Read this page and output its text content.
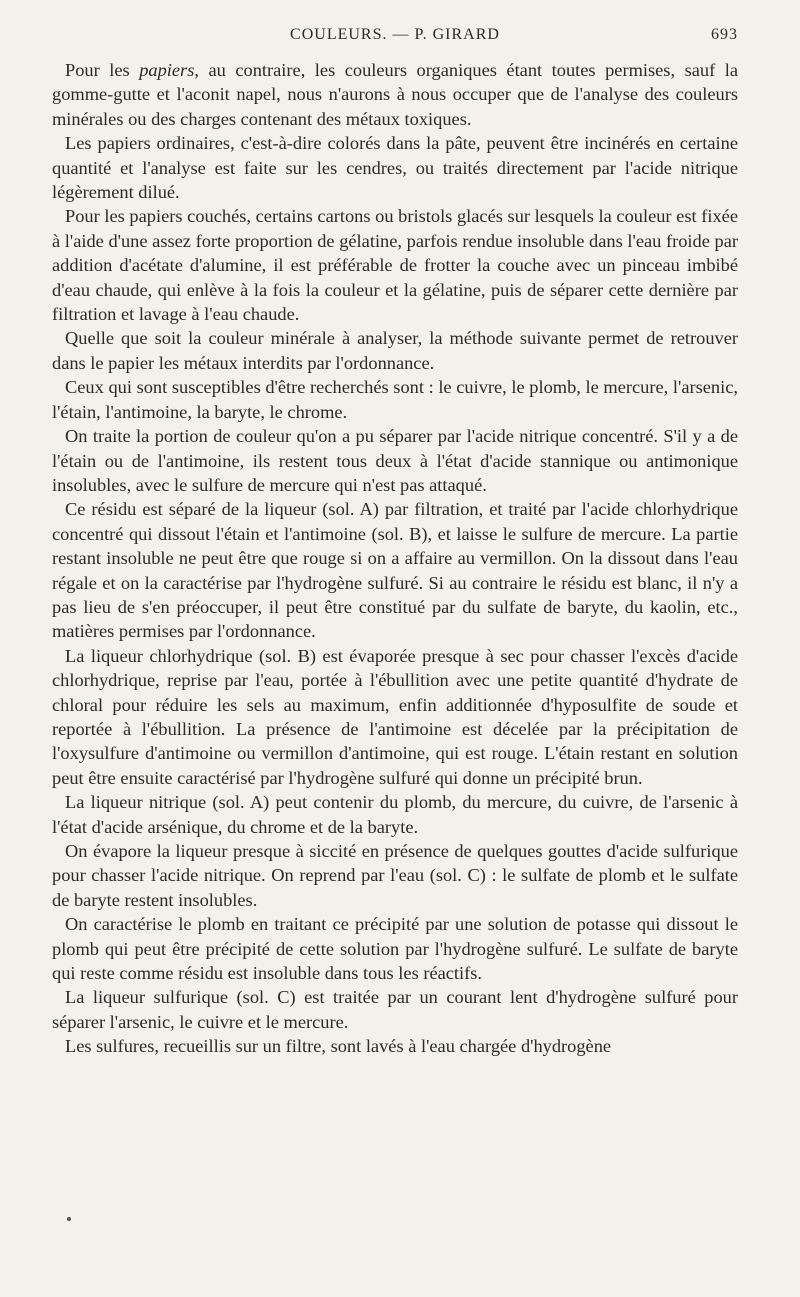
COULEURS. — P. GIRARD	693

Pour les papiers, au contraire, les couleurs organiques étant toutes permises, sauf la gomme-gutte et l'aconit napel, nous n'aurons à nous occuper que de l'analyse des couleurs minérales ou des charges contenant des métaux toxiques.

Les papiers ordinaires, c'est-à-dire colorés dans la pâte, peuvent être incinérés en certaine quantité et l'analyse est faite sur les cendres, ou traités directement par l'acide nitrique légèrement dilué.

Pour les papiers couchés, certains cartons ou bristols glacés sur lesquels la couleur est fixée à l'aide d'une assez forte proportion de gélatine, parfois rendue insoluble dans l'eau froide par addition d'acétate d'alumine, il est préférable de frotter la couche avec un pinceau imbibé d'eau chaude, qui enlève à la fois la couleur et la gélatine, puis de séparer cette dernière par filtration et lavage à l'eau chaude.

Quelle que soit la couleur minérale à analyser, la méthode suivante permet de retrouver dans le papier les métaux interdits par l'ordonnance.

Ceux qui sont susceptibles d'être recherchés sont : le cuivre, le plomb, le mercure, l'arsenic, l'étain, l'antimoine, la baryte, le chrome.

On traite la portion de couleur qu'on a pu séparer par l'acide nitrique concentré. S'il y a de l'étain ou de l'antimoine, ils restent tous deux à l'état d'acide stannique ou antimonique insolubles, avec le sulfure de mercure qui n'est pas attaqué.

Ce résidu est séparé de la liqueur (sol. A) par filtration, et traité par l'acide chlorhydrique concentré qui dissout l'étain et l'antimoine (sol. B), et laisse le sulfure de mercure. La partie restant insoluble ne peut être que rouge si on a affaire au vermillon. On la dissout dans l'eau régale et on la caractérise par l'hydrogène sulfuré. Si au contraire le résidu est blanc, il n'y a pas lieu de s'en préoccuper, il peut être constitué par du sulfate de baryte, du kaolin, etc., matières permises par l'ordonnance.

La liqueur chlorhydrique (sol. B) est évaporée presque à sec pour chasser l'excès d'acide chlorhydrique, reprise par l'eau, portée à l'ébullition avec une petite quantité d'hydrate de chloral pour réduire les sels au maximum, enfin additionnée d'hyposulfite de soude et reportée à l'ébullition. La présence de l'antimoine est décelée par la précipitation de l'oxysulfure d'antimoine ou vermillon d'antimoine, qui est rouge. L'étain restant en solution peut être ensuite caractérisé par l'hydrogène sulfuré qui donne un précipité brun.

La liqueur nitrique (sol. A) peut contenir du plomb, du mercure, du cuivre, de l'arsenic à l'état d'acide arsénique, du chrome et de la baryte.

On évapore la liqueur presque à siccité en présence de quelques gouttes d'acide sulfurique pour chasser l'acide nitrique. On reprend par l'eau (sol. C) : le sulfate de plomb et le sulfate de baryte restent insolubles.

On caractérise le plomb en traitant ce précipité par une solution de potasse qui dissout le plomb qui peut être précipité de cette solution par l'hydrogène sulfuré. Le sulfate de baryte qui reste comme résidu est insoluble dans tous les réactifs.

La liqueur sulfurique (sol. C) est traitée par un courant lent d'hydrogène sulfuré pour séparer l'arsenic, le cuivre et le mercure.

Les sulfures, recueillis sur un filtre, sont lavés à l'eau chargée d'hydrogène
